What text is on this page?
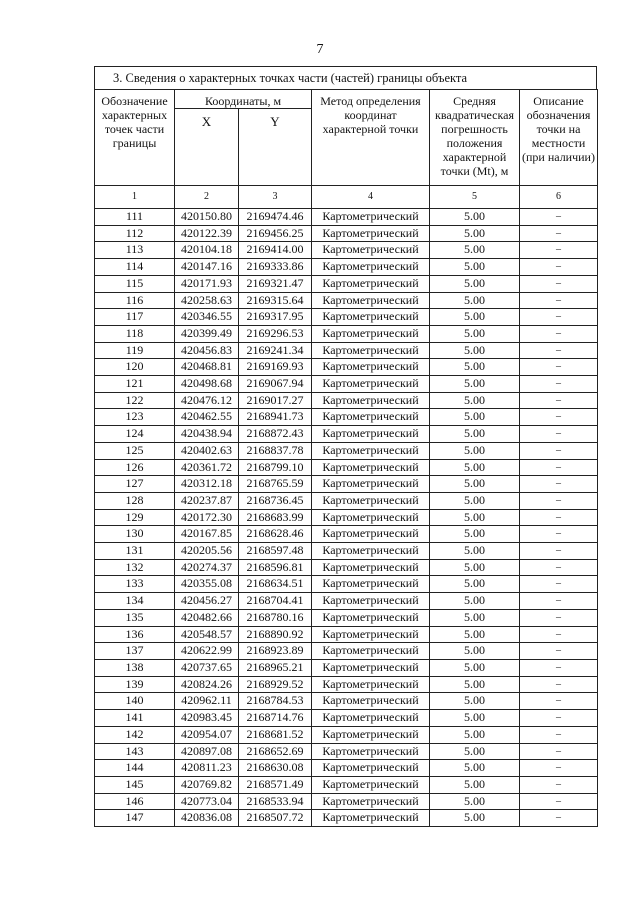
7
3. Сведения о характерных точках части (частей) границы объекта
Обозначение характерных точек части границы	Координаты, м		Метод определения координат характерной точки	Средняя квадратическая погрешность положения характерной точки (Mt), м	Описание обозначения точки на местности (при наличии)
	X	Y			
1	2	3	4	5	6
111	420150.80	2169474.46	Картометрический	5.00	–
112	420122.39	2169456.25	Картометрический	5.00	–
113	420104.18	2169414.00	Картометрический	5.00	–
114	420147.16	2169333.86	Картометрический	5.00	–
115	420171.93	2169321.47	Картометрический	5.00	–
116	420258.63	2169315.64	Картометрический	5.00	–
117	420346.55	2169317.95	Картометрический	5.00	–
118	420399.49	2169296.53	Картометрический	5.00	–
119	420456.83	2169241.34	Картометрический	5.00	–
120	420468.81	2169169.93	Картометрический	5.00	–
121	420498.68	2169067.94	Картометрический	5.00	–
122	420476.12	2169017.27	Картометрический	5.00	–
123	420462.55	2168941.73	Картометрический	5.00	–
124	420438.94	2168872.43	Картометрический	5.00	–
125	420402.63	2168837.78	Картометрический	5.00	–
126	420361.72	2168799.10	Картометрический	5.00	–
127	420312.18	2168765.59	Картометрический	5.00	–
128	420237.87	2168736.45	Картометрический	5.00	–
129	420172.30	2168683.99	Картометрический	5.00	–
130	420167.85	2168628.46	Картометрический	5.00	–
131	420205.56	2168597.48	Картометрический	5.00	–
132	420274.37	2168596.81	Картометрический	5.00	–
133	420355.08	2168634.51	Картометрический	5.00	–
134	420456.27	2168704.41	Картометрический	5.00	–
135	420482.66	2168780.16	Картометрический	5.00	–
136	420548.57	2168890.92	Картометрический	5.00	–
137	420622.99	2168923.89	Картометрический	5.00	–
138	420737.65	2168965.21	Картометрический	5.00	–
139	420824.26	2168929.52	Картометрический	5.00	–
140	420962.11	2168784.53	Картометрический	5.00	–
141	420983.45	2168714.76	Картометрический	5.00	–
142	420954.07	2168681.52	Картометрический	5.00	–
143	420897.08	2168652.69	Картометрический	5.00	–
144	420811.23	2168630.08	Картометрический	5.00	–
145	420769.82	2168571.49	Картометрический	5.00	–
146	420773.04	2168533.94	Картометрический	5.00	–
147	420836.08	2168507.72	Картометрический	5.00	–
